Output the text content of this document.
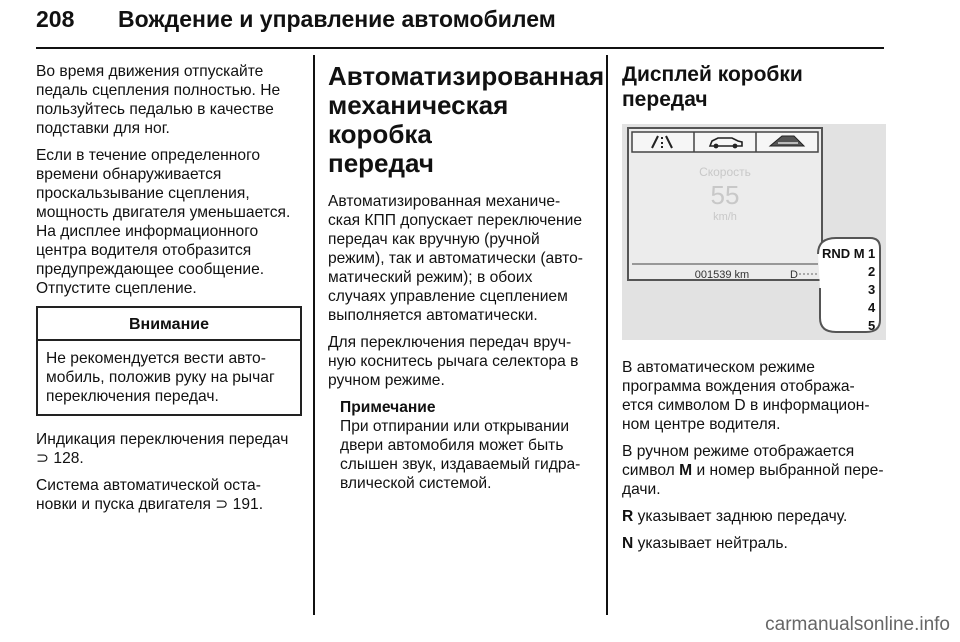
208 Вождение и управление автомобилем

Во время движения отпускайте
педаль сцепления полностью. Не
пользуйтесь педалью в качестве
подставки для ног.

Если в течение определенного
времени обнаруживается
проскальзывание сцепления,
мощность двигателя уменьшается.
На дисплее информационного
центра водителя отобразится
предупреждающее сообщение.
Отпустите сцепление.

Внимание
Не рекомендуется вести авто-
мобиль, положив руку на рычаг
переключения передач.

Индикация переключения передач
⊃ 128.

Система автоматической оста-
новки и пуска двигателя ⊃ 191.

Автоматизированная
механическая коробка
передач

Автоматизированная механиче-
ская КПП допускает переключение
передач как вручную (ручной
режим), так и автоматически (авто-
матический режим); в обоих
случаях управление сцеплением
выполняется автоматически.

Для переключения передач вруч-
ную коснитесь рычага селектора в
ручном режиме.

Примечание

При отпирании или открывании
двери автомобиля может быть
слышен звук, издаваемый гидра-
влической системой.

Дисплей коробки передач
Скорость
55
km/h
001539 km	D
RND M 1
2
3
4
5

В автоматическом режиме
программа вождения отобража-
ется символом D в информацион-
ном центре водителя.

В ручном режиме отображается
символ M и номер выбранной пере-
дачи.

R указывает заднюю передачу.

N указывает нейтраль.

carmanualsonline.info
